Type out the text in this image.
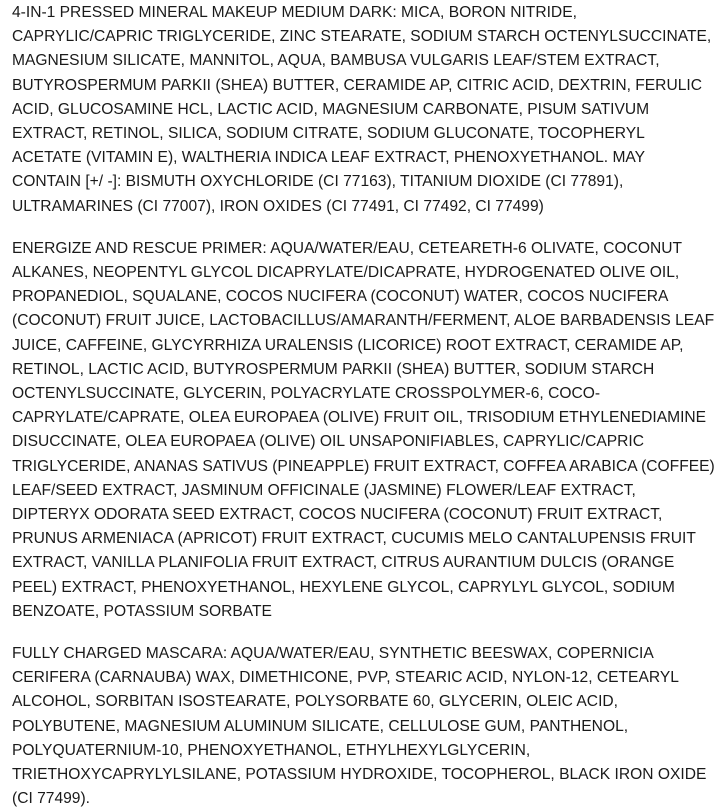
4-IN-1 PRESSED MINERAL MAKEUP MEDIUM DARK: MICA, BORON NITRIDE, CAPRYLIC/CAPRIC TRIGLYCERIDE, ZINC STEARATE, SODIUM STARCH OCTENYLSUCCINATE, MAGNESIUM SILICATE, MANNITOL, AQUA, BAMBUSA VULGARIS LEAF/STEM EXTRACT, BUTYROSPERMUM PARKII (SHEA) BUTTER, CERAMIDE AP, CITRIC ACID, DEXTRIN, FERULIC ACID, GLUCOSAMINE HCL, LACTIC ACID, MAGNESIUM CARBONATE, PISUM SATIVUM EXTRACT, RETINOL, SILICA, SODIUM CITRATE, SODIUM GLUCONATE, TOCOPHERYL ACETATE (VITAMIN E), WALTHERIA INDICA LEAF EXTRACT, PHENOXYETHANOL. MAY CONTAIN [+/ -]: BISMUTH OXYCHLORIDE (CI 77163), TITANIUM DIOXIDE (CI 77891), ULTRAMARINES (CI 77007), IRON OXIDES (CI 77491, CI 77492, CI 77499)

ENERGIZE AND RESCUE PRIMER: AQUA/WATER/EAU, CETEARETH-6 OLIVATE, COCONUT ALKANES, NEOPENTYL GLYCOL DICAPRYLATE/DICAPRATE, HYDROGENATED OLIVE OIL, PROPANEDIOL, SQUALANE, COCOS NUCIFERA (COCONUT) WATER, COCOS NUCIFERA (COCONUT) FRUIT JUICE, LACTOBACILLUS/AMARANTH/FERMENT, ALOE BARBADENSIS LEAF JUICE, CAFFEINE, GLYCYRRHIZA URALENSIS (LICORICE) ROOT EXTRACT, CERAMIDE AP, RETINOL, LACTIC ACID, BUTYROSPERMUM PARKII (SHEA) BUTTER, SODIUM STARCH OCTENYLSUCCINATE, GLYCERIN, POLYACRYLATE CROSSPOLYMER-6, COCO-CAPRYLATE/CAPRATE, OLEA EUROPAEA (OLIVE) FRUIT OIL, TRISODIUM ETHYLENEDIAMINE DISUCCINATE, OLEA EUROPAEA (OLIVE) OIL UNSAPONIFIABLES, CAPRYLIC/CAPRIC TRIGLYCERIDE, ANANAS SATIVUS (PINEAPPLE) FRUIT EXTRACT, COFFEA ARABICA (COFFEE) LEAF/SEED EXTRACT, JASMINUM OFFICINALE (JASMINE) FLOWER/LEAF EXTRACT, DIPTERYX ODORATA SEED EXTRACT, COCOS NUCIFERA (COCONUT) FRUIT EXTRACT, PRUNUS ARMENIACA (APRICOT) FRUIT EXTRACT, CUCUMIS MELO CANTALUPENSIS FRUIT EXTRACT, VANILLA PLANIFOLIA FRUIT EXTRACT, CITRUS AURANTIUM DULCIS (ORANGE PEEL) EXTRACT, PHENOXYETHANOL, HEXYLENE GLYCOL, CAPRYLYL GLYCOL, SODIUM BENZOATE, POTASSIUM SORBATE

FULLY CHARGED MASCARA: AQUA/WATER/EAU, SYNTHETIC BEESWAX, COPERNICIA CERIFERA (CARNAUBA) WAX, DIMETHICONE, PVP, STEARIC ACID, NYLON-12, CETEARYL ALCOHOL, SORBITAN ISOSTEARATE, POLYSORBATE 60, GLYCERIN, OLEIC ACID, POLYBUTENE, MAGNESIUM ALUMINUM SILICATE, CELLULOSE GUM, PANTHENOL, POLYQUATERNIUM-10, PHENOXYETHANOL, ETHYLHEXYLGLYCERIN, TRIETHOXYCAPRYLYLSILANE, POTASSIUM HYDROXIDE, TOCOPHEROL, BLACK IRON OXIDE (CI 77499).
